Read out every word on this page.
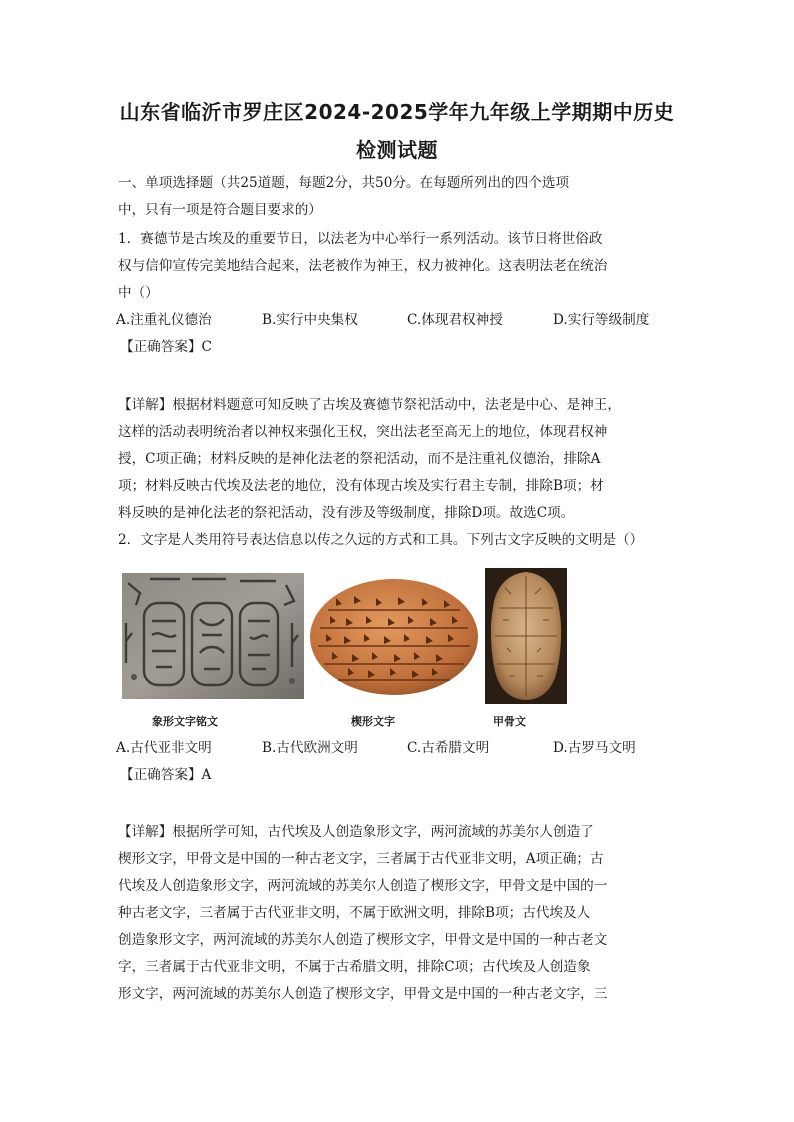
山东省临沂市罗庄区2024-2025学年九年级上学期期中历史
检测试题
一、单项选择题（共25道题，每题2分，共50分。在每题所列出的四个选项
中，只有一项是符合题目要求的）
1．赛德节是古埃及的重要节日，以法老为中心举行一系列活动。该节日将世俗政
权与信仰宣传完美地结合起来，法老被作为神王，权力被神化。这表明法老在统治
中（）
A.注重礼仪德治	B.实行中央集权	C.体现君权神授	D.实行等级制度
【正确答案】C
【详解】根据材料题意可知反映了古埃及赛德节祭祀活动中，法老是中心、是神王，
这样的活动表明统治者以神权来强化王权，突出法老至高无上的地位，体现君权神
授，C项正确；材料反映的是神化法老的祭祀活动，而不是注重礼仪德治，排除A
项；材料反映古代埃及法老的地位，没有体现古埃及实行君主专制，排除B项；材
料反映的是神化法老的祭祀活动，没有涉及等级制度，排除D项。故选C项。
2．文字是人类用符号表达信息以传之久远的方式和工具。下列古文字反映的文明是（）
象形文字铭文	楔形文字	甲骨文
A.古代亚非文明	B.古代欧洲文明	C.古希腊文明	D.古罗马文明
【正确答案】A
【详解】根据所学可知，古代埃及人创造象形文字，两河流域的苏美尔人创造了
楔形文字，甲骨文是中国的一种古老文字，三者属于古代亚非文明，A项正确；古
代埃及人创造象形文字，两河流域的苏美尔人创造了楔形文字，甲骨文是中国的一
种古老文字，三者属于古代亚非文明，不属于欧洲文明，排除B项；古代埃及人
创造象形文字，两河流域的苏美尔人创造了楔形文字，甲骨文是中国的一种古老文
字，三者属于古代亚非文明，不属于古希腊文明，排除C项；古代埃及人创造象
形文字，两河流域的苏美尔人创造了楔形文字，甲骨文是中国的一种古老文字，三
